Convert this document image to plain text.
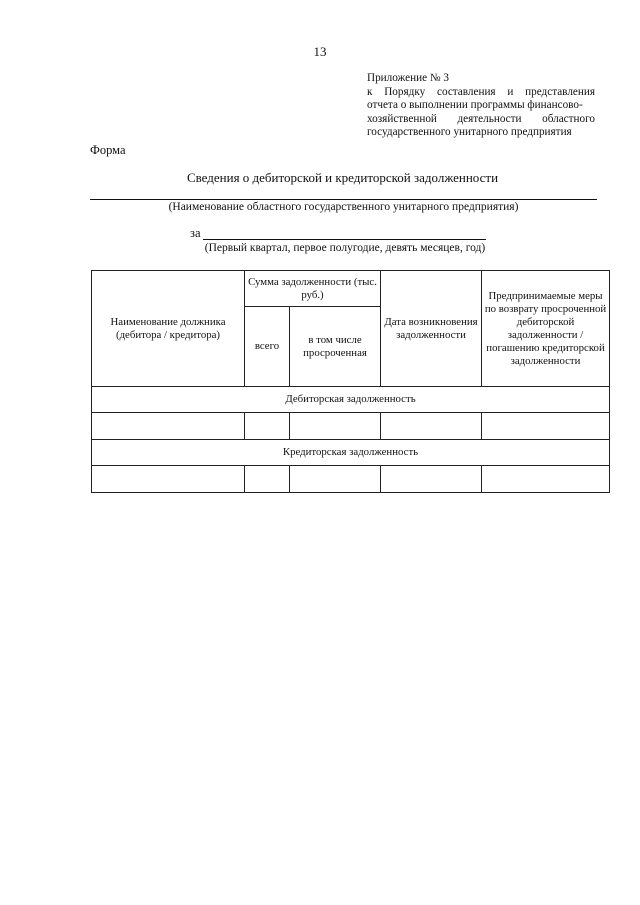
13
Приложение № 3
к Порядку составления и представления
отчета о выполнении программы финансово-
хозяйственной деятельности областного
государственного унитарного предприятия
Форма
Сведения о дебиторской и кредиторской задолженности
(Наименование областного государственного унитарного предприятия)
за
(Первый квартал, первое полугодие, девять месяцев, год)
Наименование должника (дебитора / кредитора)	Сумма задолженности (тыс. руб.)		Дата возникновения задолженности	Предпринимаемые меры по возврату просроченной дебиторской задолженности / погашению кредиторской задолженности
	всего	в том числе просроченная		
Дебиторская задолженность				

Кредиторская задолженность				
